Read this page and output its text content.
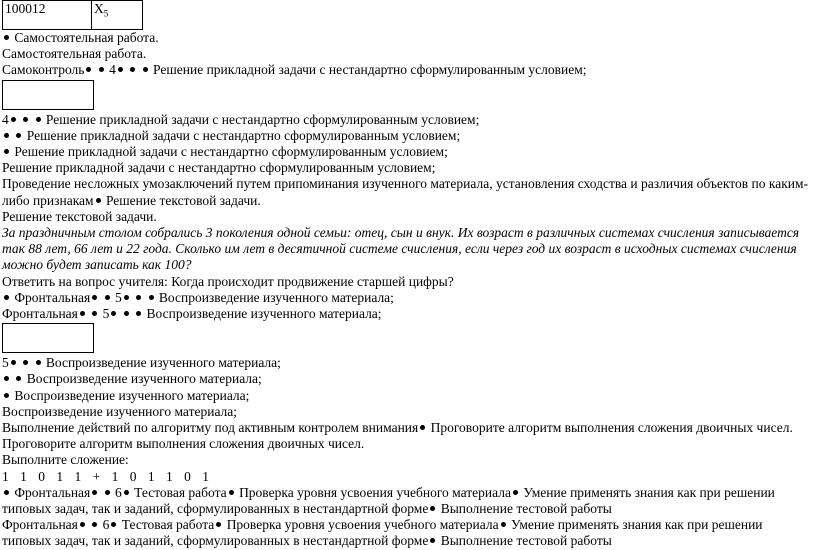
100012	$X_5$
Самостоятельная работа.
Самостоятельная работа.
Самоконтроль 4	Решение прикладной задачи с нестандартно сформулированным условием;
4	Решение прикладной задачи с нестандартно сформулированным условием;
Решение прикладной задачи с нестандартно сформулированным условием;
Решение прикладной задачи с нестандартно сформулированным условием;
Решение прикладной задачи с нестандартно сформулированным условием;
Проведение несложных умозаключений путем припоминания изученного материала, установления сходства и различия объектов по каким-либо признакам Решение текстовой задачи.
Решение текстовой задачи.
За праздничным столом собрались 3 поколения одной семьи: отец, сын и внук. Их возраст в различных системах счисления записывается так 88 лет, 66 лет и 22 года. Сколько им лет в десятичной системе счисления, если через год их возраст в исходных системах счисления можно будет записать как 100?
Ответить на вопрос учителя: Когда происходит продвижение старшей цифры?
Фронтальная 5	Воспроизведение изученного материала;
Фронтальная 5	Воспроизведение изученного материала;
5	Воспроизведение изученного материала;
Воспроизведение изученного материала;
Воспроизведение изученного материала;
Воспроизведение изученного материала;
Выполнение действий по алгоритму под активным контролем внимания Проговорите алгоритм выполнения сложения двоичных чисел.
Проговорите алгоритм выполнения сложения двоичных чисел.
Выполните сложение:
1 1 0 1 1 + 1 0 1 1 0 1
Фронтальная 6 Тестовая работа Проверка уровня усвоения учебного материала Умение применять знания как при решении типовых задач, так и заданий, сформулированных в нестандартной форме Выполнение тестовой работы
Фронтальная 6 Тестовая работа Проверка уровня усвоения учебного материала Умение применять знания как при решении типовых задач, так и заданий, сформулированных в нестандартной форме Выполнение тестовой работы
